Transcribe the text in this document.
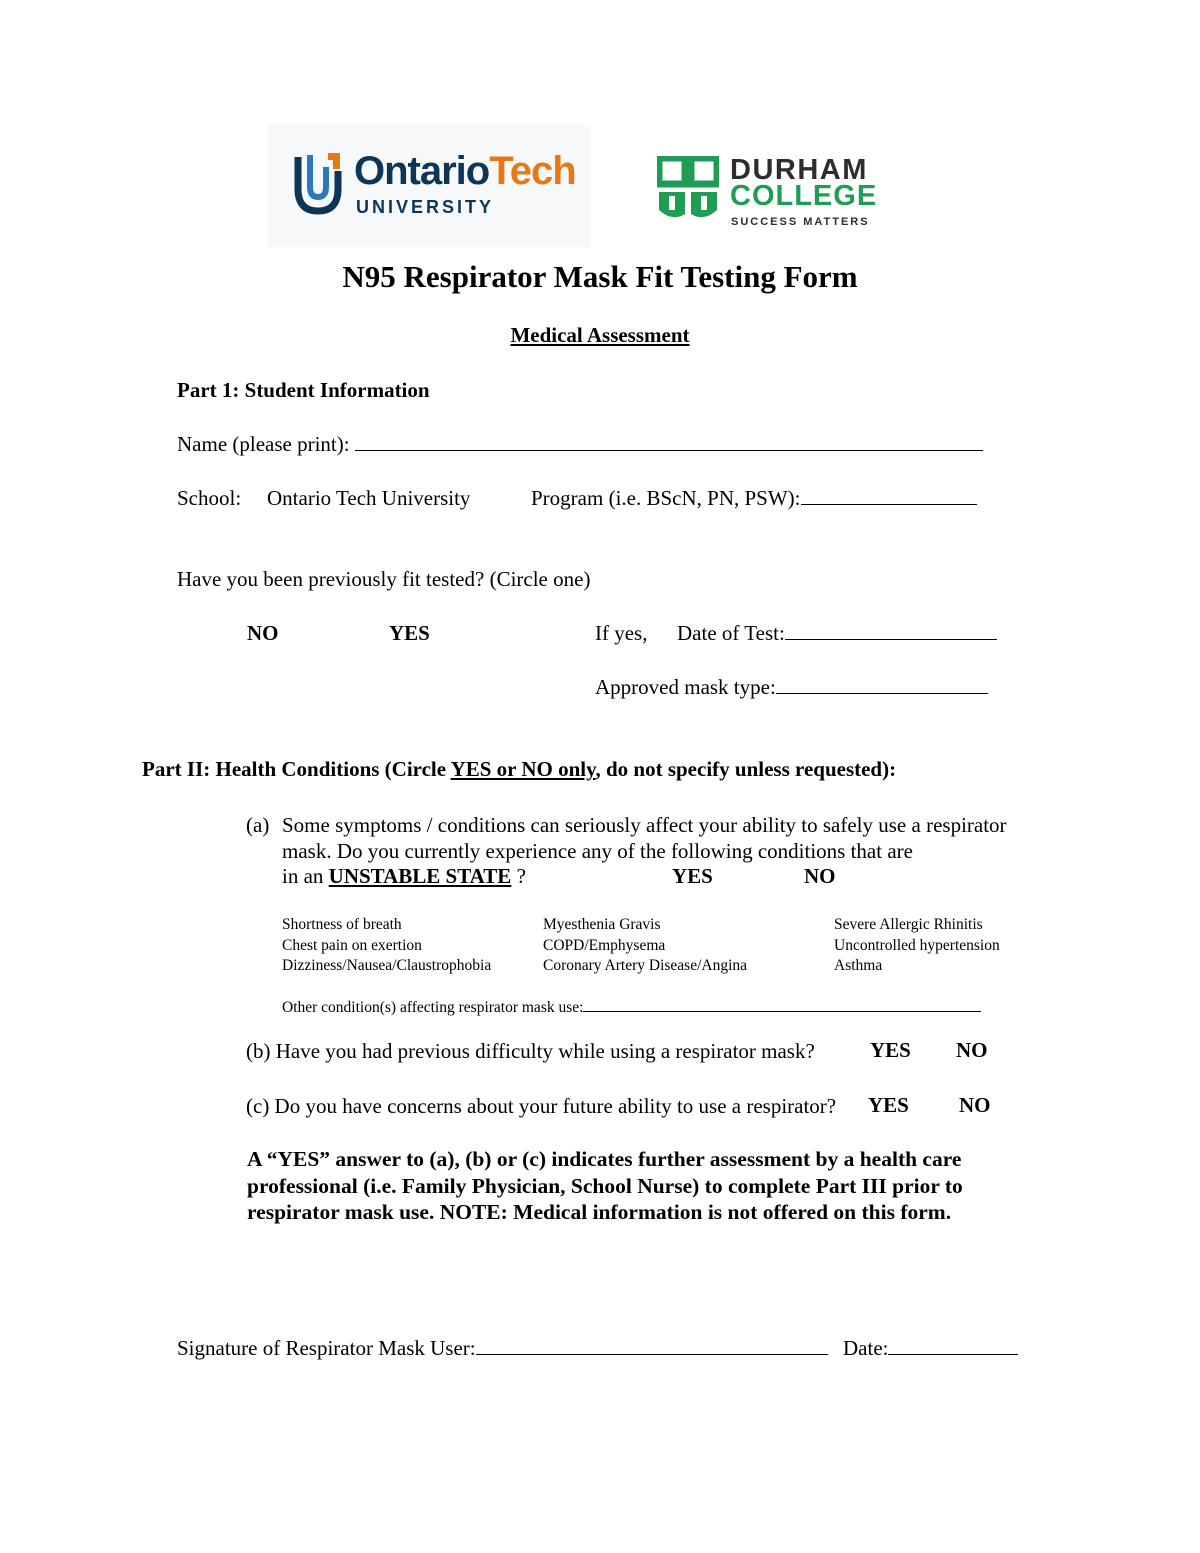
OntarioTech
UNIVERSITY
DURHAM
COLLEGE
SUCCESS MATTERS
N95 Respirator Mask Fit Testing Form
Medical Assessment
Part 1: Student Information
Name (please print):
School: Ontario Tech University	Program (i.e. BScN, PN, PSW):
Have you been previously fit tested? (Circle one)
NO	YES	If yes, Date of Test:
Approved mask type:
Part II: Health Conditions (Circle YES or NO only, do not specify unless requested):
(a) Some symptoms / conditions can seriously affect your ability to safely use a respirator mask. Do you currently experience any of the following conditions that are
in an UNSTABLE STATE ?	YES	NO
Shortness of breath	Myesthenia Gravis	Severe Allergic Rhinitis
Chest pain on exertion	COPD/Emphysema	Uncontrolled hypertension
Dizziness/Nausea/Claustrophobia	Coronary Artery Disease/Angina	Asthma
Other condition(s) affecting respirator mask use:
(b) Have you had previous difficulty while using a respirator mask?	YES NO
(c) Do you have concerns about your future ability to use a respirator? YES NO
A “YES” answer to (a), (b) or (c) indicates further assessment by a health care professional (i.e. Family Physician, School Nurse) to complete Part III prior to respirator mask use. NOTE: Medical information is not offered on this form.
Signature of Respirator Mask User:	Date:
